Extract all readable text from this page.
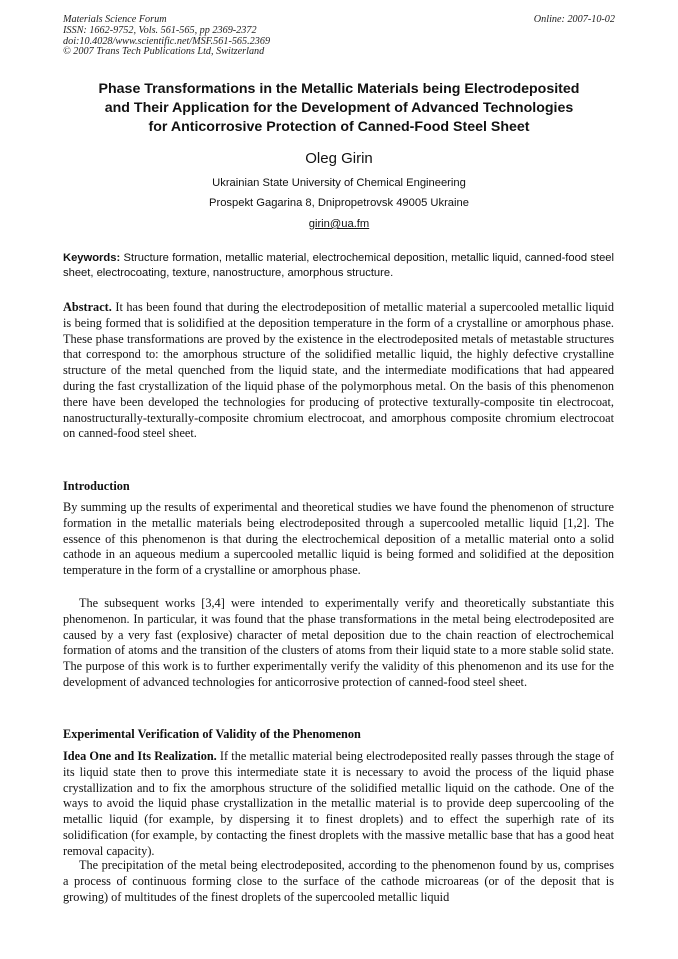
Materials Science Forum
ISSN: 1662-9752, Vols. 561-565, pp 2369-2372
doi:10.4028/www.scientific.net/MSF.561-565.2369
© 2007 Trans Tech Publications Ltd, Switzerland
Online: 2007-10-02
Phase Transformations in the Metallic Materials being Electrodeposited
and Their Application for the Development of Advanced Technologies
for Anticorrosive Protection of Canned-Food Steel Sheet
Oleg Girin
Ukrainian State University of Chemical Engineering
Prospekt Gagarina 8, Dnipropetrovsk 49005 Ukraine
girin@ua.fm
Keywords: Structure formation, metallic material, electrochemical deposition, metallic liquid, canned-food steel sheet, electrocoating, texture, nanostructure, amorphous structure.
Abstract. It has been found that during the electrodeposition of metallic material a supercooled metallic liquid is being formed that is solidified at the deposition temperature in the form of a crystalline or amorphous phase. These phase transformations are proved by the existence in the electrodeposited metals of metastable structures that correspond to: the amorphous structure of the solidified metallic liquid, the highly defective crystalline structure of the metal quenched from the liquid state, and the intermediate modifications that had appeared during the fast crystallization of the liquid phase of the polymorphous metal. On the basis of this phenomenon there have been developed the technologies for producing of protective texturally-composite tin electrocoat, nanostructurally-texturally-composite chromium electrocoat, and amorphous composite chromium electrocoat on canned-food steel sheet.
Introduction
By summing up the results of experimental and theoretical studies we have found the phenomenon of structure formation in the metallic materials being electrodeposited through a supercooled metallic liquid [1,2]. The essence of this phenomenon is that during the electrochemical deposition of a metallic material onto a solid cathode in an aqueous medium a supercooled metallic liquid is being formed and solidified at the deposition temperature in the form of a crystalline or amorphous phase.
The subsequent works [3,4] were intended to experimentally verify and theoretically substantiate this phenomenon. In particular, it was found that the phase transformations in the metal being electrodeposited are caused by a very fast (explosive) character of metal deposition due to the chain reaction of electrochemical formation of atoms and the transition of the clusters of atoms from their liquid state to a more stable solid state. The purpose of this work is to further experimentally verify the validity of this phenomenon and its use for the development of advanced technologies for anticorrosive protection of canned-food steel sheet.
Experimental Verification of Validity of the Phenomenon
Idea One and Its Realization. If the metallic material being electrodeposited really passes through the stage of its liquid state then to prove this intermediate state it is necessary to avoid the process of the liquid phase crystallization and to fix the amorphous structure of the solidified metallic liquid on the cathode. One of the ways to avoid the liquid phase crystallization in the metallic material is to provide deep supercooling of the metallic liquid (for example, by dispersing it to finest droplets) and to effect the superhigh rate of its solidification (for example, by contacting the finest droplets with the massive metallic base that has a good heat removal capacity).
The precipitation of the metal being electrodeposited, according to the phenomenon found by us, comprises a process of continuous forming close to the surface of the cathode microareas (or of the deposit that is growing) of multitudes of the finest droplets of the supercooled metallic liquid
